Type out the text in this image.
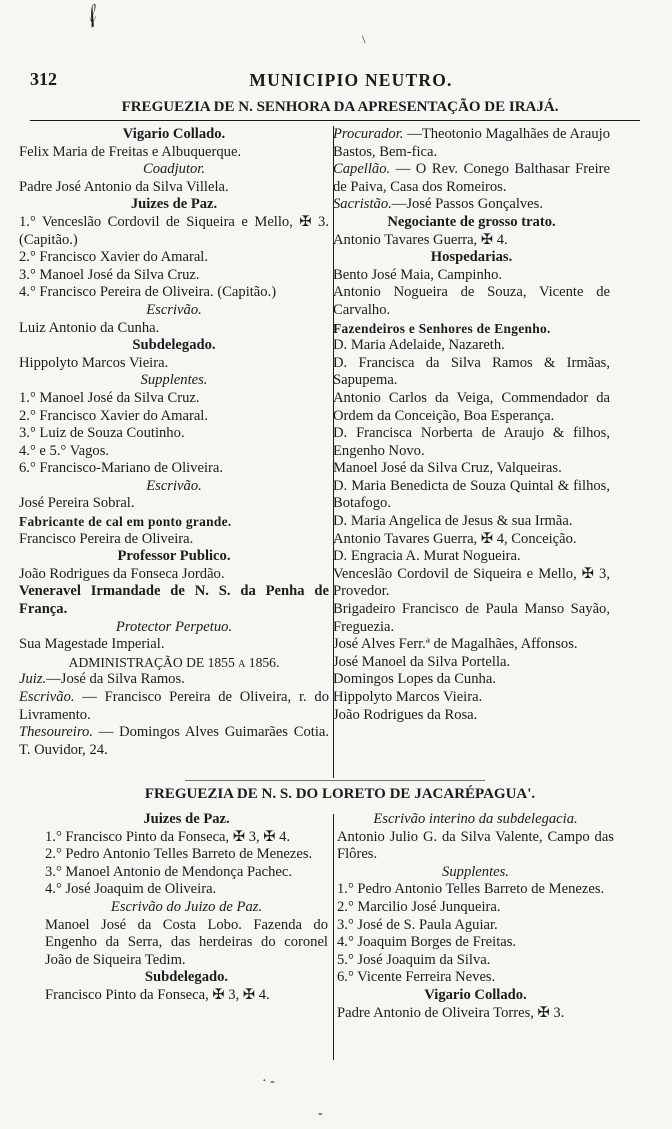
𝒻
\
312	MUNICIPIO NEUTRO.
FREGUEZIA DE N. SENHORA DA APRESENTAÇÃO DE IRAJÁ.

Vigario Collado.

Felix Maria de Freitas e Albuquerque.

Coadjutor.

Padre José Antonio da Silva Villela.

Juizes de Paz.

1.° Venceslão Cordovil de Siqueira e Mello, ✠ 3. (Capitão.)

2.° Francisco Xavier do Amaral.

3.° Manoel José da Silva Cruz.

4.° Francisco Pereira de Oliveira. (Capitão.)

Escrivão.

Luiz Antonio da Cunha.

Subdelegado.

Hippolyto Marcos Vieira.

Supplentes.

1.° Manoel José da Silva Cruz.

2.° Francisco Xavier do Amaral.

3.° Luiz de Souza Coutinho.

4.° e 5.° Vagos.

6.° Francisco-Mariano de Oliveira.

Escrivão.

José Pereira Sobral.

Fabricante de cal em ponto grande.

Francisco Pereira de Oliveira.

Professor Publico.

João Rodrigues da Fonseca Jordão.

Veneravel Irmandade de N. S. da Penha de França.

Protector Perpetuo.

Sua Magestade Imperial.

ADMINISTRAÇÃO DE 1855 a 1856.

Juiz.—José da Silva Ramos.

Escrivão. — Francisco Pereira de Oliveira, r. do Livramento.

Thesoureiro. — Domingos Alves Guimarães Cotia. T. Ouvidor, 24.

Procurador. —Theotonio Magalhães de Araujo Bastos, Bem-fica.

Capellão. — O Rev. Conego Balthasar Freire de Paiva, Casa dos Romeiros.

Sacristão.—José Passos Gonçalves.

Negociante de grosso trato.

Antonio Tavares Guerra, ✠ 4.

Hospedarias.

Bento José Maia, Campinho.

Antonio Nogueira de Souza, Vicente de Carvalho.

Fazendeiros e Senhores de Engenho.

D. Maria Adelaide, Nazareth.

D. Francisca da Silva Ramos & Irmãas, Sapupema.

Antonio Carlos da Veiga, Commendador da Ordem da Conceição, Boa Esperança.

D. Francisca Norberta de Araujo & filhos, Engenho Novo.

Manoel José da Silva Cruz, Valqueiras.

D. Maria Benedicta de Souza Quintal & filhos, Botafogo.

D. Maria Angelica de Jesus & sua Irmãa.

Antonio Tavares Guerra, ✠ 4, Conceição.

D. Engracia A. Murat Nogueira.

Venceslão Cordovil de Siqueira e Mello, ✠ 3, Provedor.

Brigadeiro Francisco de Paula Manso Sayão, Freguezia.

José Alves Ferr.ª de Magalhães, Affonsos.

José Manoel da Silva Portella.

Domingos Lopes da Cunha.

Hippolyto Marcos Vieira.

João Rodrigues da Rosa.

FREGUEZIA DE N. S. DO LORETO DE JACARÉPAGUA'.

Juizes de Paz.

1.° Francisco Pinto da Fonseca, ✠ 3, ✠ 4.

2.° Pedro Antonio Telles Barreto de Menezes.

3.° Manoel Antonio de Mendonça Pachec.

4.° José Joaquim de Oliveira.

Escrivão do Juizo de Paz.

Manoel José da Costa Lobo. Fazenda do Engenho da Serra, das herdeiras do coronel João de Siqueira Tedim.

Subdelegado.

Francisco Pinto da Fonseca, ✠ 3, ✠ 4.

Escrivão interino da subdelegacia.

Antonio Julio G. da Silva Valente, Campo das Flôres.

Supplentes.

1.° Pedro Antonio Telles Barreto de Menezes.

2.° Marcilio José Junqueira.

3.° José de S. Paula Aguiar.

4.° Joaquim Borges de Freitas.

5.° José Joaquim da Silva.

6.° Vicente Ferreira Neves.

Vigario Collado.

Padre Antonio de Oliveira Torres, ✠ 3.

· -
-
